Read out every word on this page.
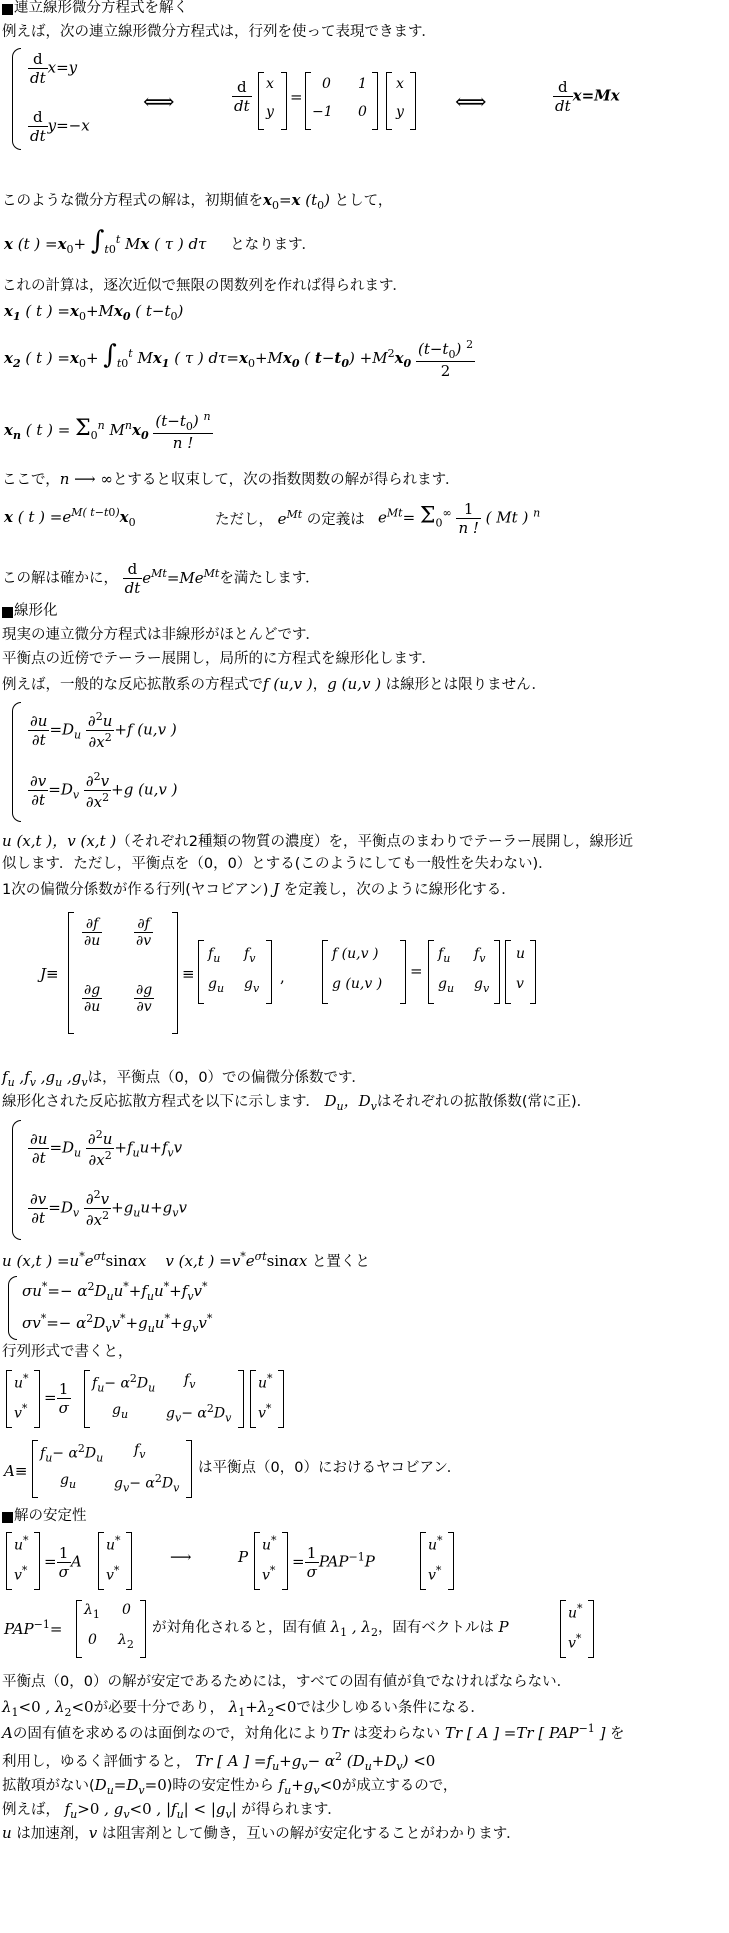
連立線形微分方程式を解く
例えば，次の連立線形微分方程式は，行列を使って表現できます．
$\frac{d}{dt} x=y$
$\frac{d}{dt} y=-x$
⟺	$\frac{d}{dt}$ x
y
=
0 1
−1 0
x
y ⟺	$\frac{d}{dt} x=Mx$
このような微分方程式の解は，初期値を$x_0=x$ $(t_0)$ として，
x (t ) $=x_0+ \int_{t0}^t$ Mx ( τ ) dτ     となります．
これの計算は，逐次近似で無限の関数列を作れば得られます．
$x_1$ ( t ) $=x_0+Mx_0$ ( $t-t_0$)
$x_2$ ( t ) $=x_0+ \int_{t0}^t$ $Mx_1$ ( τ ) $d\tau=x_0+Mx_0$ ( $t-t_0) +M^2x_0 \frac{(t-t_0) ^2}{2}$
$x_n$ ( t ) = $\Sigma_0^n$ $M^nx_0 \frac{(t-t_0) ^n}{n !}$
ここで，n ⟶ ∞とすると収束して，次の指数関数の解が得られます．
x ( t ) $=e^{M( t-t0)}x_0$	ただし， $e^{Mt}$ の定義は $e^{Mt}= \Sigma_0^\infty \frac{1}{n !}$ ( Mt ) $^n$
この解は確かに， $\frac{d}{dt} e^{Mt}=Me^{Mt}$を満たします．
線形化
現実の連立微分方程式は非線形がほとんどです．
平衡点の近傍でテーラー展開し，局所的に方程式を線形化します．
例えば，一般的な反応拡散系の方程式でf (u,v )，g (u,v ) は線形とは限りません．
$\frac{\partial u}{\partial t} =D_u \frac{\partial^2u}{\partial x^2} +f$ (u,v )
$\frac{\partial v}{\partial t} =D_v \frac{\partial^2v}{\partial x^2} +g$ (u,v )
u (x,t )，v (x,t )（それぞれ2種類の物質の濃度）を，平衡点のまわりでテーラー展開し，線形近
似します．ただし，平衡点を（0，0）とする(このようにしても一般性を失わない)．
1次の偏微分係数が作る行列(ヤコビアン) J を定義し，次のように線形化する．
J≡
$\frac{\partial f}{\partial u} \frac{\partial f}{\partial v}$
$\frac{\partial g}{\partial u} \frac{\partial g}{\partial v}$
≡
$f_u$ $f_v$
$g_u$ $g_v$
,
f (u,v )
g (u,v )
=
$f_u$ $f_v$
$g_u$ $g_v$
u
v
$f_u$ $,f_v$ $,g_u$ $,g_v$は，平衡点（0，0）での偏微分係数です．
線形化された反応拡散方程式を以下に示します． $D_u$，$D_v$はそれぞれの拡散係数(常に正)．
$\frac{\partial u}{\partial t} =D_u \frac{\partial^2u}{\partial x^2} +f_uu+f_vv$
$\frac{\partial v}{\partial t} =D_v \frac{\partial^2v}{\partial x^2} +g_uu+g_vv$
u (x,t ) $=u^*e^{\sigma t}\sin\alpha x$ v (x,t ) $=v^*e^{\sigma t}\sin\alpha x$ と置くと
$\sigma u^*=- \alpha^2D_uu^*+f_uu^*+f_vv^*$
$\sigma v^*=- \alpha^2D_vv^*+g_uu^*+g_vv^*$
行列形式で書くと，
u*
v*
= $\frac{1}{\sigma} f_u- \alpha^2D_u$ $f_v$
$g_u$	$g_v- \alpha^2D_v$
u*
v*
A≡
$f_u- \alpha^2D_u$ $f_v$
$g_u$	$g_v- \alpha^2D_v$
は平衡点（0，0）におけるヤコビアン．
解の安定性
u*
$v^* = \frac{1}{\sigma}$ A
u*
v*
⟶	P
u*
$v^* = \frac{1}{\sigma} PAP^{-1}P$
u*
v*
$PAP^{-1}=$
$\lambda_1$ 0
0 $\lambda_2$
が対角化されると，固有値 $\lambda_1$ , $\lambda_2$，固有ベクトルは P
u*
v*
平衡点（0，0）の解が安定であるためには，すべての固有値が負でなければならない．
$\lambda_1<0$ , $\lambda_2<0$が必要十分であり， $\lambda_1+\lambda_2<0$では少しゆるい条件になる．
Aの固有値を求めるのは面倒なので，対角化によりTr は変わらない Tr [ A ] =Tr [ $PAP^{-1}$ ] を
利用し，ゆるく評価すると， Tr [ A ] $=f_u+g_v- \alpha^2$ $(D_u+D_v) <0$
拡散項がない$(D_u=D_v=0)$時の安定性から $f_u+g_v<0$が成立するので，
例えば， $f_u>0$ , $g_v<0$ , $|f_u| < |g_v|$ が得られます．
u は加速剤，v は阻害剤として働き，互いの解が安定化することがわかります．
